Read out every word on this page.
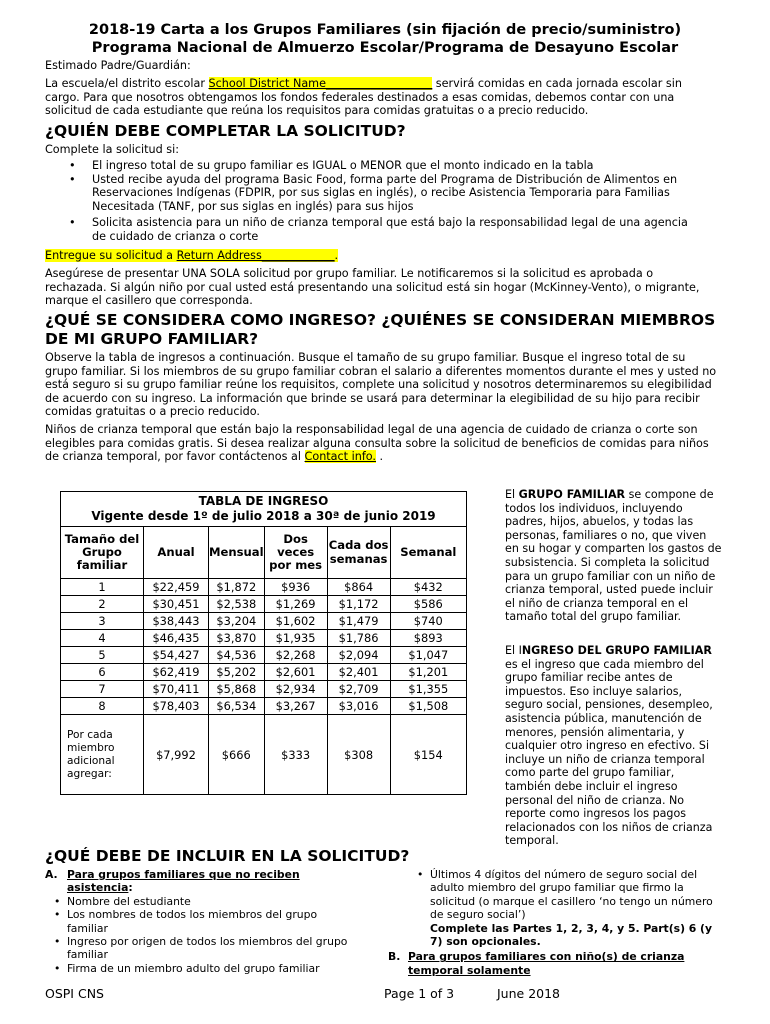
2018-19 Carta a los Grupos Familiares (sin fijación de precio/suministro)
Programa Nacional de Almuerzo Escolar/Programa de Desayuno Escolar
Estimado Padre/Guardián:
La escuela/el distrito escolar School District Name___________________ servirá comidas en cada jornada escolar sin cargo. Para que nosotros obtengamos los fondos federales destinados a esas comidas, debemos contar con una solicitud de cada estudiante que reúna los requisitos para comidas gratuitas o a precio reducido.
¿QUIÉN DEBE COMPLETAR LA SOLICITUD?
Complete la solicitud si:
• El ingreso total de su grupo familiar es IGUAL o MENOR que el monto indicado en la tabla
• Usted recibe ayuda del programa Basic Food, forma parte del Programa de Distribución de Alimentos en Reservaciones Indígenas (FDPIR, por sus siglas en inglés), o recibe Asistencia Temporaria para Familias Necesitada (TANF, por sus siglas en inglés) para sus hijos
• Solicita asistencia para un niño de crianza temporal que está bajo la responsabilidad legal de una agencia de cuidado de crianza o corte
Entregue su solicitud a Return Address_____________.
Asegúrese de presentar UNA SOLA solicitud por grupo familiar. Le notificaremos si la solicitud es aprobada o rechazada. Si algún niño por cual usted está presentando una solicitud está sin hogar (McKinney-Vento), o migrante, marque el casillero que corresponda.
¿QUÉ SE CONSIDERA COMO INGRESO? ¿QUIÉNES SE CONSIDERAN MIEMBROS DE MI GRUPO FAMILIAR?
Observe la tabla de ingresos a continuación. Busque el tamaño de su grupo familiar. Busque el ingreso total de su grupo familiar. Si los miembros de su grupo familiar cobran el salario a diferentes momentos durante el mes y usted no está seguro si su grupo familiar reúne los requisitos, complete una solicitud y nosotros determinaremos su elegibilidad de acuerdo con su ingreso. La información que brinde se usará para determinar la elegibilidad de su hijo para recibir comidas gratuitas o a precio reducido.
Niños de crianza temporal que están bajo la responsabilidad legal de una agencia de cuidado de crianza o corte son elegibles para comidas gratis. Si desea realizar alguna consulta sobre la solicitud de beneficios de comidas para niños de crianza temporal, por favor contáctenos al Contact info. .
TABLA DE INGRESO
Vigente desde 1º de julio 2018 a 30ª de junio 2019					

Tamaño del Grupo familiar	Anual	Mensual	Dos veces por mes	Cada dos semanas	Semanal
1	$22,459	$1,872	$936	$864	$432
2	$30,451	$2,538	$1,269	$1,172	$586
3	$38,443	$3,204	$1,602	$1,479	$740
4	$46,435	$3,870	$1,935	$1,786	$893
5	$54,427	$4,536	$2,268	$2,094	$1,047
6	$62,419	$5,202	$2,601	$2,401	$1,201
7	$70,411	$5,868	$2,934	$2,709	$1,355
8	$78,403	$6,534	$3,267	$3,016	$1,508
Por cada miembro adicional agregar:	$7,992	$666	$333	$308	$154
El GRUPO FAMILIAR se compone de todos los individuos, incluyendo padres, hijos, abuelos, y todas las personas, familiares o no, que viven en su hogar y comparten los gastos de subsistencia. Si completa la solicitud para un grupo familiar con un niño de crianza temporal, usted puede incluir el niño de crianza temporal en el tamaño total del grupo familiar.
El INGRESO DEL GRUPO FAMILIAR es el ingreso que cada miembro del grupo familiar recibe antes de impuestos. Eso incluye salarios, seguro social, pensiones, desempleo, asistencia pública, manutención de menores, pensión alimentaria, y cualquier otro ingreso en efectivo. Si incluye un niño de crianza temporal como parte del grupo familiar, también debe incluir el ingreso personal del niño de crianza. No reporte como ingresos los pagos relacionados con los niños de crianza temporal.
¿QUÉ DEBE DE INCLUIR EN LA SOLICITUD?
A. Para grupos familiares que no reciben asistencia:
• Nombre del estudiante
• Los nombres de todos los miembros del grupo familiar
• Ingreso por origen de todos los miembros del grupo familiar
• Firma de un miembro adulto del grupo familiar
• Últimos 4 dígitos del número de seguro social del adulto miembro del grupo familiar que firmo la solicitud (o marque el casillero ‘no tengo un número de seguro social’)
Complete las Partes 1, 2, 3, 4, y 5. Part(s) 6 (y 7) son opcionales.
B. Para grupos familiares con niño(s) de crianza temporal solamente
OSPI CNS	Page 1 of 3	June 2018
